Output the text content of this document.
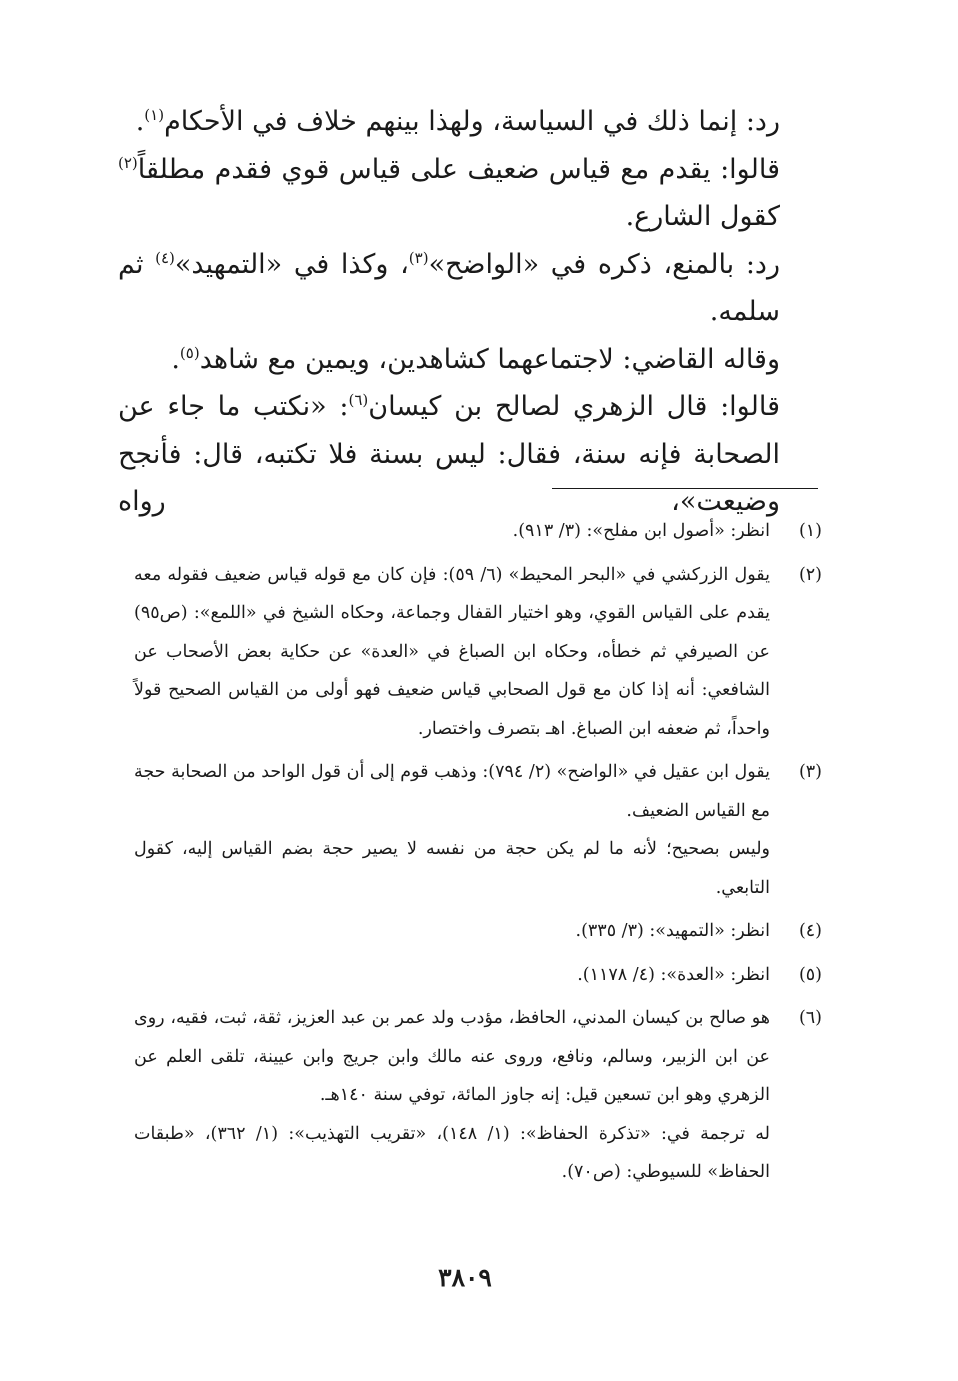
رد: إنما ذلك في السياسة، ولهذا بينهم خلاف في الأحكام$^{(١)}$.

قالوا: يقدم مع قياس ضعيف على قياس قوي فقدم مطلقاً$^{(٢)}$ كقول الشارع.

رد: بالمنع، ذكره في «الواضح»$^{(٣)}$، وكذا في «التمهيد»$^{(٤)}$ ثم سلمه.

وقاله القاضي: لاجتماعهما كشاهدين، ويمين مع شاهد$^{(٥)}$.

قالوا: قال الزهري لصالح بن كيسان$^{(٦)}$: «نكتب ما جاء عن الصحابة فإنه سنة، فقال: ليس بسنة فلا تكتبه، قال: فأنجح وضيعت»، رواه

(١)

انظر: «أصول ابن مفلح»: (٣/ ٩١٣).

(٢)

يقول الزركشي في «البحر المحيط» (٦/ ٥٩): فإن كان مع قوله قياس ضعيف فقوله معه يقدم على القياس القوي، وهو اختيار القفال وجماعة، وحكاه الشيخ في «اللمع»: (ص٩٥) عن الصيرفي ثم خطأه، وحكاه ابن الصباغ في «العدة» عن حكاية بعض الأصحاب عن الشافعي: أنه إذا كان مع قول الصحابي قياس ضعيف فهو أولى من القياس الصحيح قولاً واحداً، ثم ضعفه ابن الصباغ. اهـ بتصرف واختصار.

(٣)

يقول ابن عقيل في «الواضح» (٢/ ٧٩٤): وذهب قوم إلى أن قول الواحد من الصحابة حجة مع القياس الضعيف.

وليس بصحيح؛ لأنه ما لم يكن حجة من نفسه لا يصير حجة بضم القياس إليه، كقول التابعي.

(٤)

انظر: «التمهيد»: (٣/ ٣٣٥).

(٥)

انظر: «العدة»: (٤/ ١١٧٨).

(٦)

هو صالح بن كيسان المدني، الحافظ، مؤدب ولد عمر بن عبد العزيز، ثقة، ثبت، فقيه، روى عن ابن الزبير، وسالم، ونافع، وروى عنه مالك وابن جريج وابن عيينة، تلقى العلم عن الزهري وهو ابن تسعين قيل: إنه جاوز المائة، توفي سنة ١٤٠هـ.

له ترجمة في: «تذكرة الحفاظ»: (١/ ١٤٨)، «تقريب التهذيب»: (١/ ٣٦٢)، «طبقات الحفاظ» للسيوطي: (ص٧٠).

٣٨٠٩
